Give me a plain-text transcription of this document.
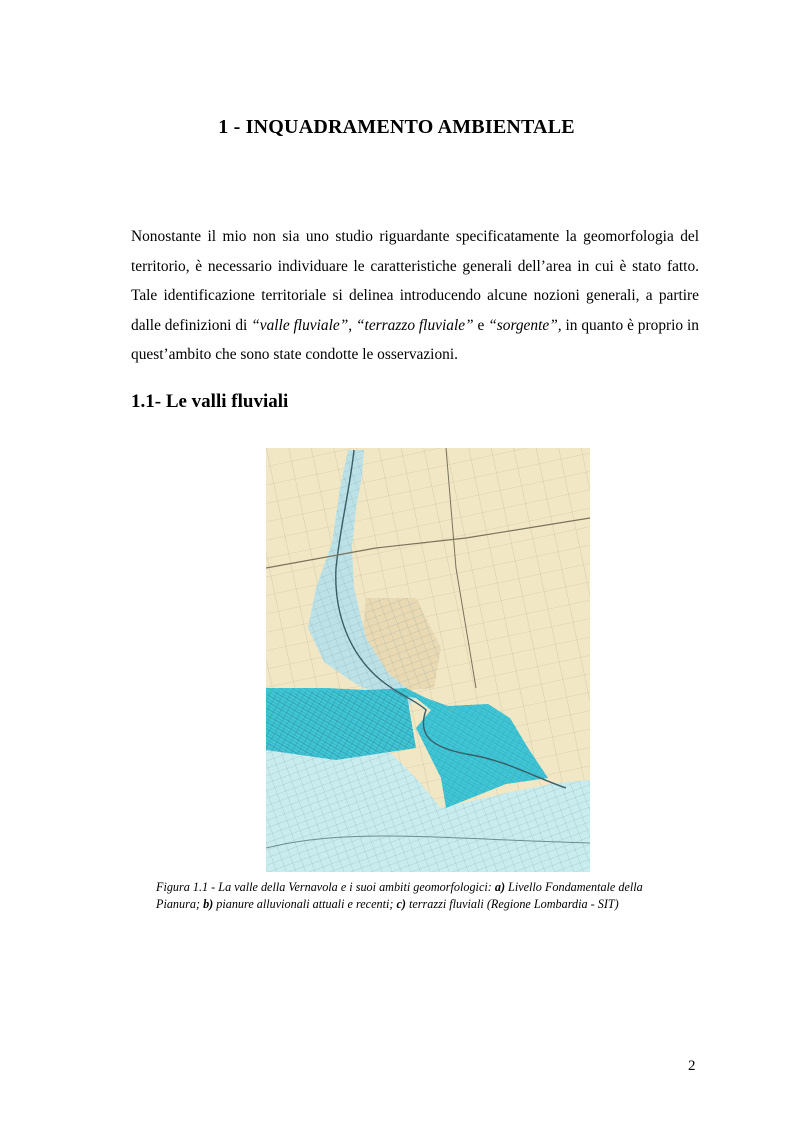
1 - INQUADRAMENTO AMBIENTALE

Nonostante il mio non sia uno studio riguardante specificatamente la geomorfologia del territorio, è necessario individuare le caratteristiche generali dell’area in cui è stato fatto. Tale identificazione territoriale si delinea introducendo alcune nozioni generali, a partire dalle definizioni di “valle fluviale”, “terrazzo fluviale” e “sorgente”, in quanto è proprio in quest’ambito che sono state condotte le osservazioni.

1.1- Le valli fluviali

Figura 1.1 - La valle della Vernavola e i suoi ambiti geomorfologici: a) Livello Fondamentale della Pianura; b) pianure alluvionali attuali e recenti; c) terrazzi fluviali (Regione Lombardia - SIT)

2
